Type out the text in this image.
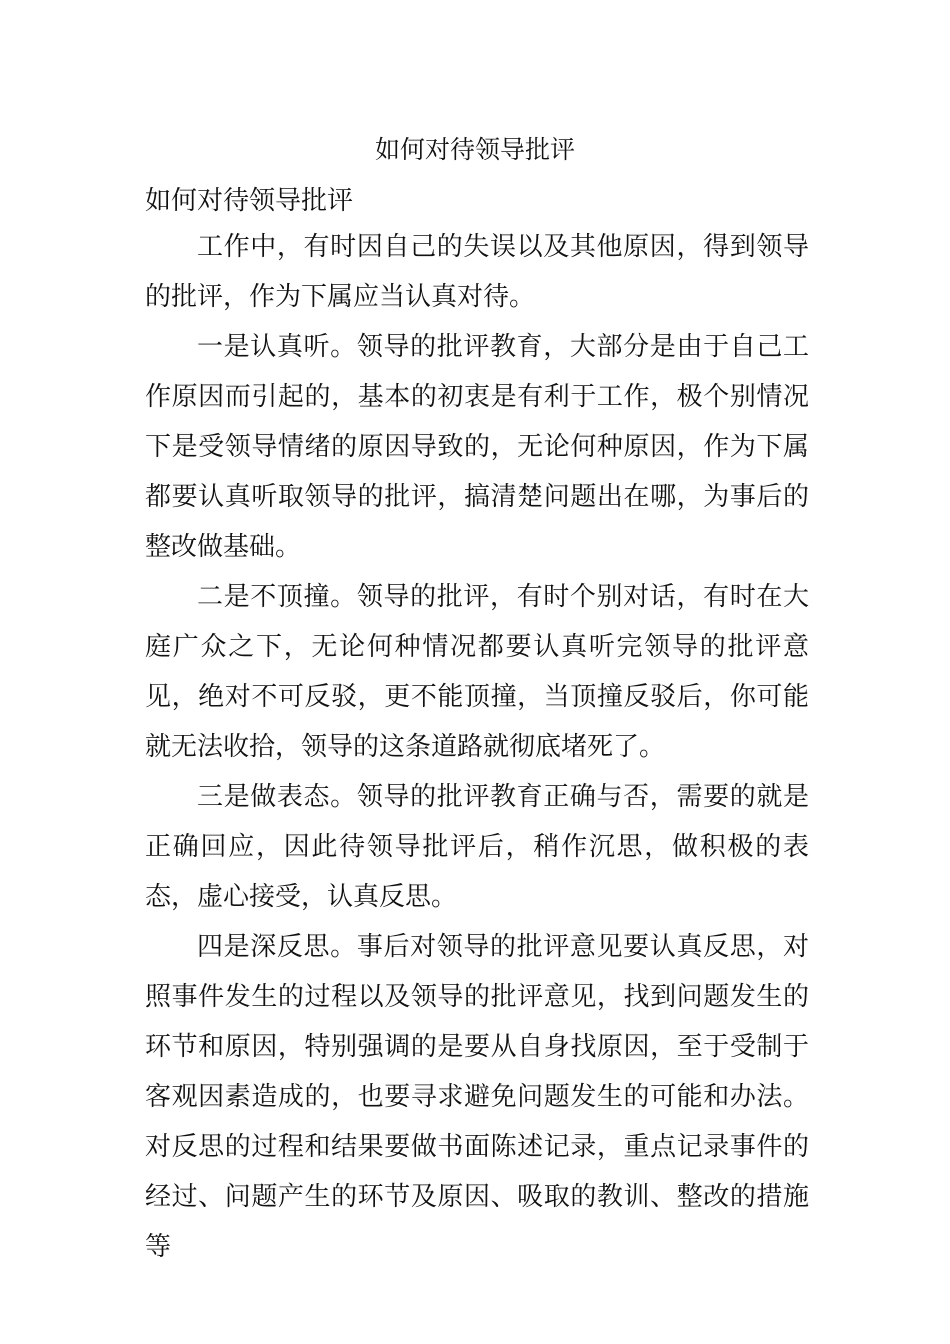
如何对待领导批评

如何对待领导批评

工作中，有时因自己的失误以及其他原因，得到领导的批评，作为下属应当认真对待。

一是认真听。领导的批评教育，大部分是由于自己工作原因而引起的，基本的初衷是有利于工作，极个别情况下是受领导情绪的原因导致的，无论何种原因，作为下属都要认真听取领导的批评，搞清楚问题出在哪，为事后的整改做基础。

二是不顶撞。领导的批评，有时个别对话，有时在大庭广众之下，无论何种情况都要认真听完领导的批评意见，绝对不可反驳，更不能顶撞，当顶撞反驳后，你可能就无法收拾，领导的这条道路就彻底堵死了。

三是做表态。领导的批评教育正确与否，需要的就是正确回应，因此待领导批评后，稍作沉思，做积极的表态，虚心接受，认真反思。

四是深反思。事后对领导的批评意见要认真反思，对照事件发生的过程以及领导的批评意见，找到问题发生的环节和原因，特别强调的是要从自身找原因，至于受制于客观因素造成的，也要寻求避免问题发生的可能和办法。对反思的过程和结果要做书面陈述记录，重点记录事件的经过、问题产生的环节及原因、吸取的教训、整改的措施等
